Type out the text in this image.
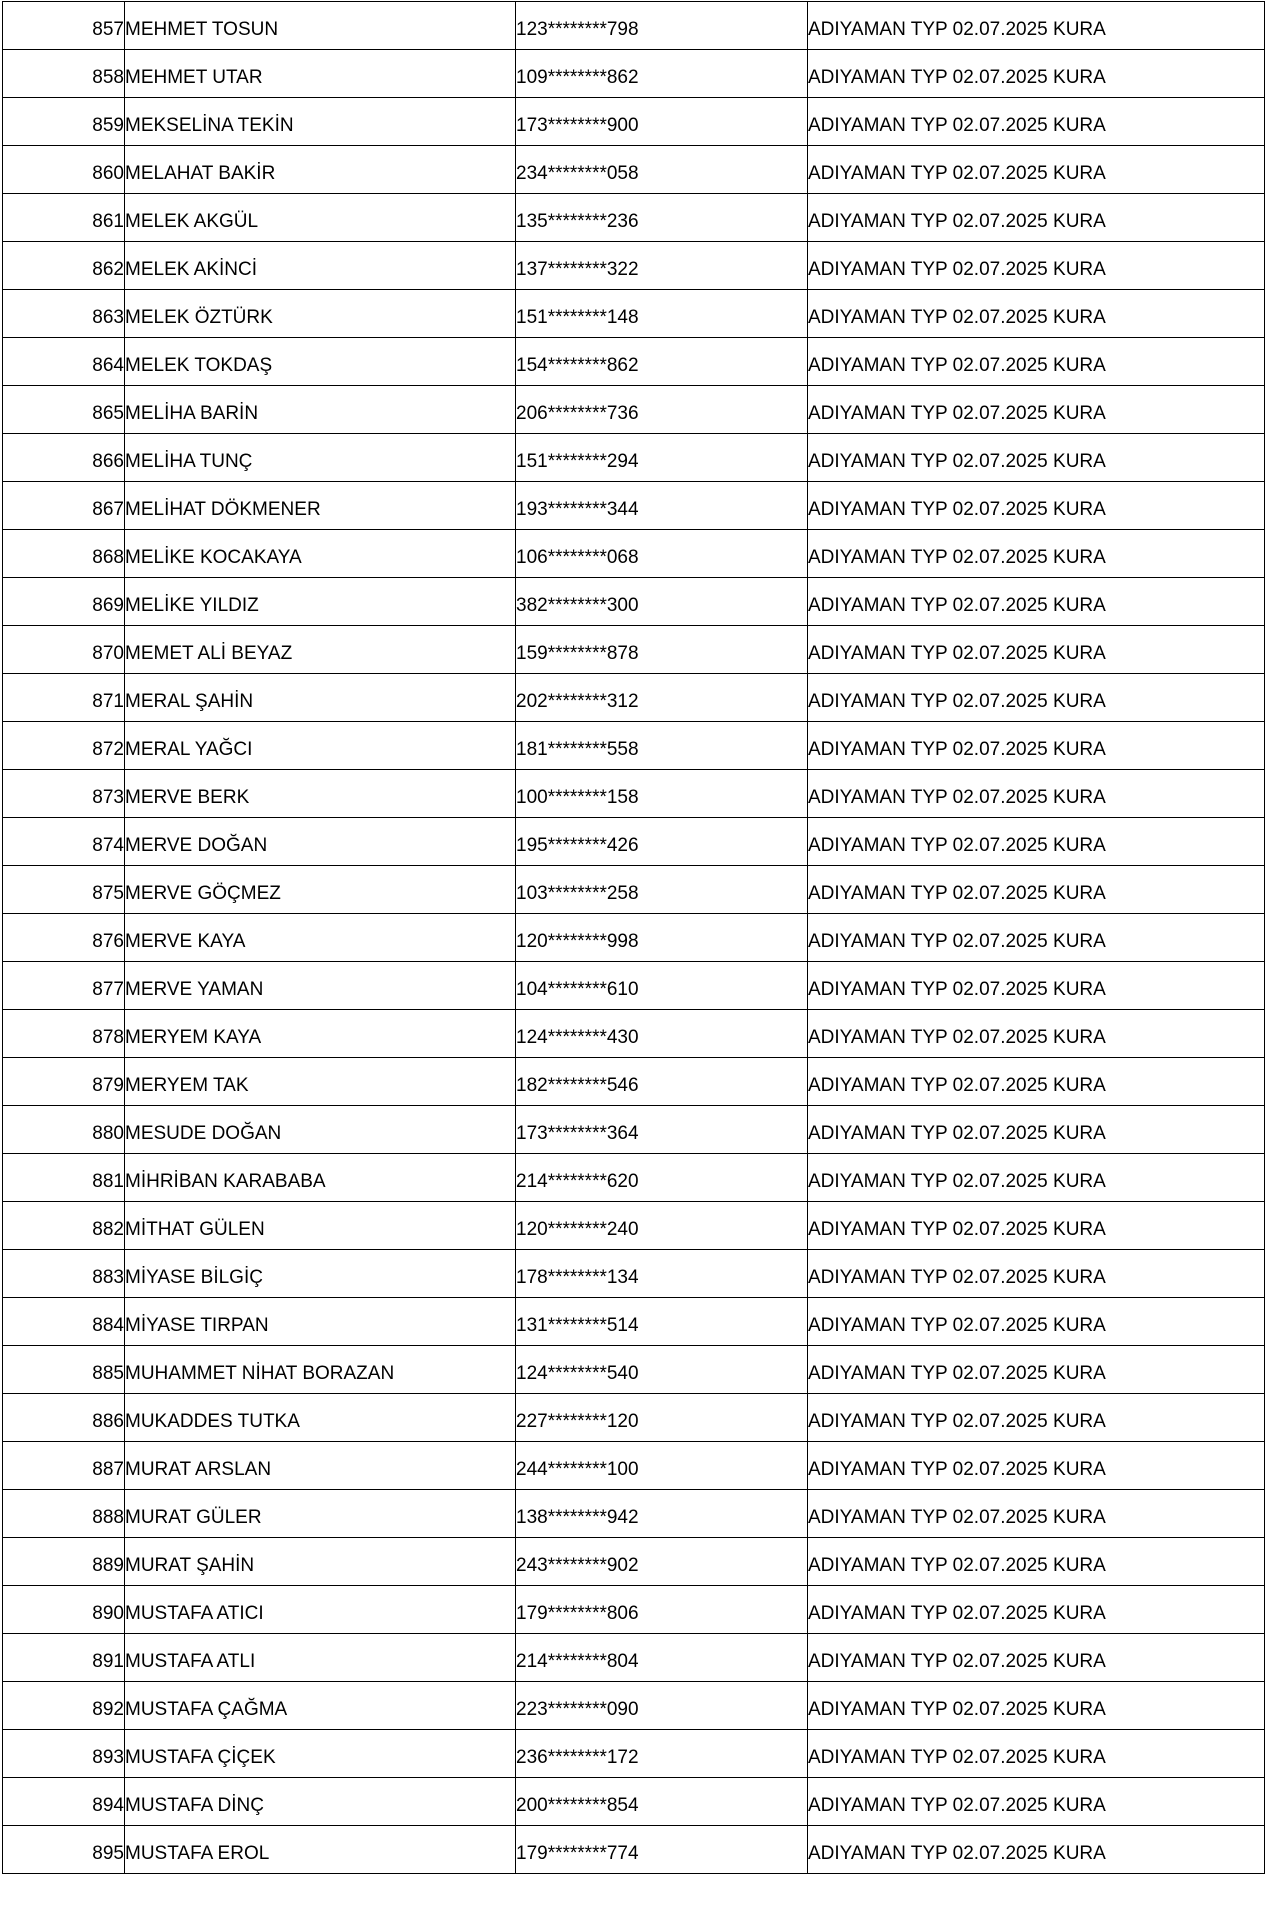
857	MEHMET TOSUN	123********798	ADIYAMAN TYP 02.07.2025 KURA
858	MEHMET UTAR	109********862	ADIYAMAN TYP 02.07.2025 KURA
859	MEKSELİNA TEKİN	173********900	ADIYAMAN TYP 02.07.2025 KURA
860	MELAHAT BAKİR	234********058	ADIYAMAN TYP 02.07.2025 KURA
861	MELEK AKGÜL	135********236	ADIYAMAN TYP 02.07.2025 KURA
862	MELEK AKİNCİ	137********322	ADIYAMAN TYP 02.07.2025 KURA
863	MELEK ÖZTÜRK	151********148	ADIYAMAN TYP 02.07.2025 KURA
864	MELEK TOKDAŞ	154********862	ADIYAMAN TYP 02.07.2025 KURA
865	MELİHA BARİN	206********736	ADIYAMAN TYP 02.07.2025 KURA
866	MELİHA TUNÇ	151********294	ADIYAMAN TYP 02.07.2025 KURA
867	MELİHAT DÖKMENER	193********344	ADIYAMAN TYP 02.07.2025 KURA
868	MELİKE KOCAKAYA	106********068	ADIYAMAN TYP 02.07.2025 KURA
869	MELİKE YILDIZ	382********300	ADIYAMAN TYP 02.07.2025 KURA
870	MEMET ALİ BEYAZ	159********878	ADIYAMAN TYP 02.07.2025 KURA
871	MERAL ŞAHİN	202********312	ADIYAMAN TYP 02.07.2025 KURA
872	MERAL YAĞCI	181********558	ADIYAMAN TYP 02.07.2025 KURA
873	MERVE BERK	100********158	ADIYAMAN TYP 02.07.2025 KURA
874	MERVE DOĞAN	195********426	ADIYAMAN TYP 02.07.2025 KURA
875	MERVE GÖÇMEZ	103********258	ADIYAMAN TYP 02.07.2025 KURA
876	MERVE KAYA	120********998	ADIYAMAN TYP 02.07.2025 KURA
877	MERVE YAMAN	104********610	ADIYAMAN TYP 02.07.2025 KURA
878	MERYEM KAYA	124********430	ADIYAMAN TYP 02.07.2025 KURA
879	MERYEM TAK	182********546	ADIYAMAN TYP 02.07.2025 KURA
880	MESUDE DOĞAN	173********364	ADIYAMAN TYP 02.07.2025 KURA
881	MİHRİBAN KARABABA	214********620	ADIYAMAN TYP 02.07.2025 KURA
882	MİTHAT GÜLEN	120********240	ADIYAMAN TYP 02.07.2025 KURA
883	MİYASE BİLGİÇ	178********134	ADIYAMAN TYP 02.07.2025 KURA
884	MİYASE TIRPAN	131********514	ADIYAMAN TYP 02.07.2025 KURA
885	MUHAMMET NİHAT BORAZAN	124********540	ADIYAMAN TYP 02.07.2025 KURA
886	MUKADDES TUTKA	227********120	ADIYAMAN TYP 02.07.2025 KURA
887	MURAT ARSLAN	244********100	ADIYAMAN TYP 02.07.2025 KURA
888	MURAT GÜLER	138********942	ADIYAMAN TYP 02.07.2025 KURA
889	MURAT ŞAHİN	243********902	ADIYAMAN TYP 02.07.2025 KURA
890	MUSTAFA ATICI	179********806	ADIYAMAN TYP 02.07.2025 KURA
891	MUSTAFA ATLI	214********804	ADIYAMAN TYP 02.07.2025 KURA
892	MUSTAFA ÇAĞMA	223********090	ADIYAMAN TYP 02.07.2025 KURA
893	MUSTAFA ÇİÇEK	236********172	ADIYAMAN TYP 02.07.2025 KURA
894	MUSTAFA DİNÇ	200********854	ADIYAMAN TYP 02.07.2025 KURA
895	MUSTAFA EROL	179********774	ADIYAMAN TYP 02.07.2025 KURA
